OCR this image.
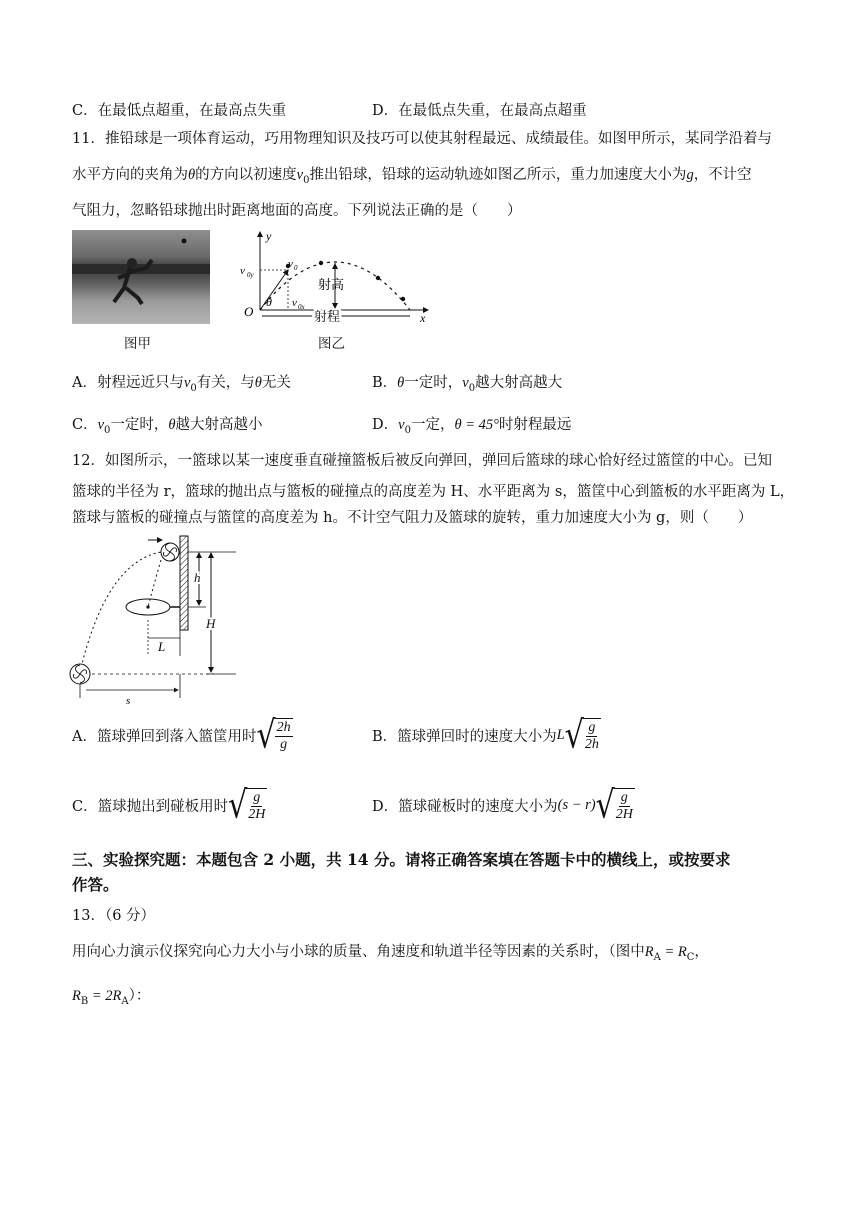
C．在最低点超重，在最高点失重	D．在最低点失重，在最高点超重
11．推铅球是一项体育运动，巧用物理知识及技巧可以使其射程最远、成绩最佳。如图甲所示，某同学沿着与
水平方向的夹角为θ的方向以初速度$v_0$推出铅球，铅球的运动轨迹如图乙所示，重力加速度大小为g，不计空
气阻力，忽略铅球抛出时距离地面的高度。下列说法正确的是（　　）
图甲
y
x
O
v 0y
v 0
v 0x
θ
射高
射程
图乙
A．射程远近只与$v_0$有关，与θ无关	B．θ一定时，$v_0$越大射高越大
C．$v_0$一定时，θ越大射高越小	D．$v_0$一定，θ = 45°时射程最远
12．如图所示，一篮球以某一速度垂直碰撞篮板后被反向弹回，弹回后篮球的球心恰好经过篮筐的中心。已知
篮球的半径为 r，篮球的抛出点与篮板的碰撞点的高度差为 H、水平距离为 s，篮筐中心到篮板的水平距离为 L，
篮球与篮板的碰撞点与篮筐的高度差为 h。不计空气阻力及篮球的旋转，重力加速度大小为 g，则（　　）
h
H
L
s
A．篮球弹回到落入篮筐用时 √ $\frac{2h}{g}$	B．篮球弹回时的速度大小为 L √ $\frac{g}{2h}$
C．篮球抛出到碰板用时 √ $\frac{g}{2H}$	D．篮球碰板时的速度大小为 (s − r) √ $\frac{g}{2H}$
三、实验探究题：本题包含 2 小题，共 14 分。请将正确答案填在答题卡中的横线上，或按要求
作答。
13．（6 分）
用向心力演示仪探究向心力大小与小球的质量、角速度和轨道半径等因素的关系时，（图中$R_A = R_C$，
$R_B = 2R_A$）：
